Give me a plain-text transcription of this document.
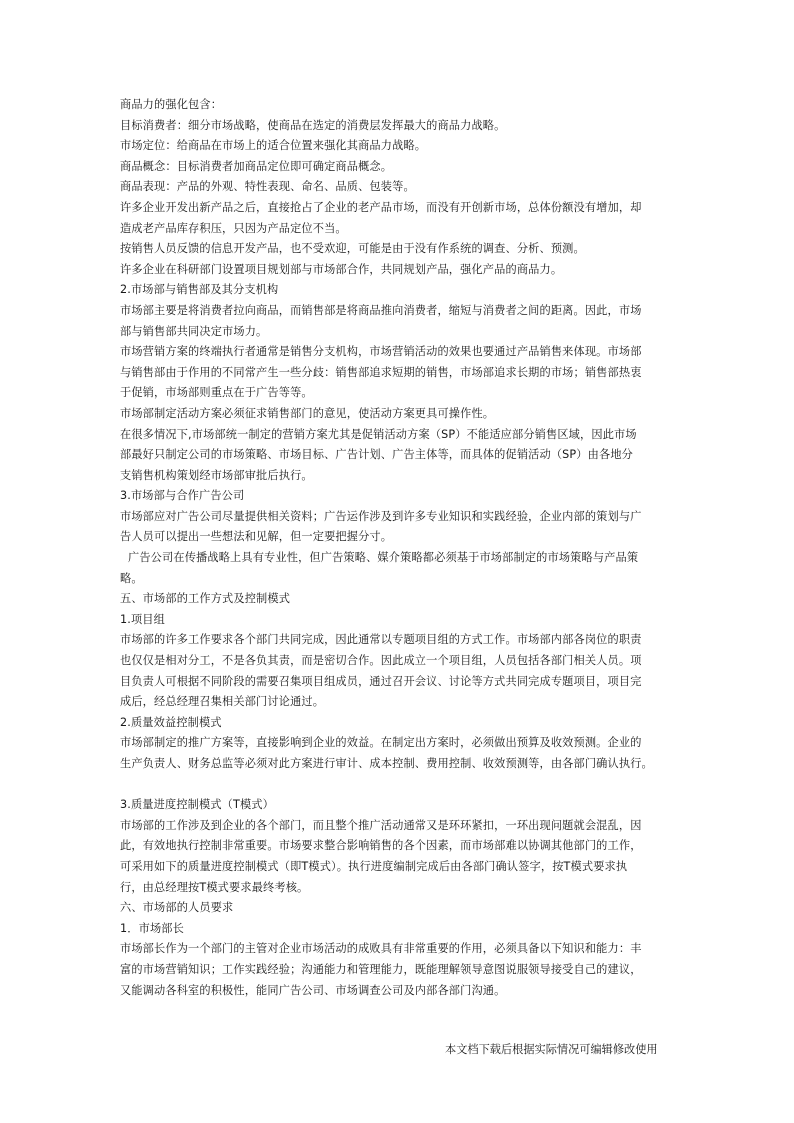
商品力的强化包含：
目标消费者：细分市场战略，使商品在选定的消费层发挥最大的商品力战略。
市场定位：给商品在市场上的适合位置来强化其商品力战略。
商品概念：目标消费者加商品定位即可确定商品概念。
商品表现：产品的外观、特性表现、命名、品质、包装等。
许多企业开发出新产品之后，直接抢占了企业的老产品市场，而没有开创新市场，总体份额没有增加，却
造成老产品库存积压，只因为产品定位不当。
按销售人员反馈的信息开发产品，也不受欢迎，可能是由于没有作系统的调查、分析、预测。
许多企业在科研部门设置项目规划部与市场部合作，共同规划产品，强化产品的商品力。
2.市场部与销售部及其分支机构
市场部主要是将消费者拉向商品，而销售部是将商品推向消费者，缩短与消费者之间的距离。因此，市场
部与销售部共同决定市场力。
市场营销方案的终端执行者通常是销售分支机构，市场营销活动的效果也要通过产品销售来体现。市场部
与销售部由于作用的不同常产生一些分歧：销售部追求短期的销售，市场部追求长期的市场；销售部热衷
于促销，市场部则重点在于广告等等。
市场部制定活动方案必须征求销售部门的意见，使活动方案更具可操作性。
在很多情况下,市场部统一制定的营销方案尤其是促销活动方案（SP）不能适应部分销售区域，因此市场
部最好只制定公司的市场策略、市场目标、广告计划、广告主体等，而具体的促销活动（SP）由各地分
支销售机构策划经市场部审批后执行。
3.市场部与合作广告公司
市场部应对广告公司尽量提供相关资料；广告运作涉及到许多专业知识和实践经验，企业内部的策划与广
告人员可以提出一些想法和见解，但一定要把握分寸。
广告公司在传播战略上具有专业性，但广告策略、媒介策略都必须基于市场部制定的市场策略与产品策
略。
五、市场部的工作方式及控制模式
1.项目组
市场部的许多工作要求各个部门共同完成，因此通常以专题项目组的方式工作。市场部内部各岗位的职责
也仅仅是相对分工，不是各负其责，而是密切合作。因此成立一个项目组，人员包括各部门相关人员。项
目负责人可根据不同阶段的需要召集项目组成员，通过召开会议、讨论等方式共同完成专题项目，项目完
成后，经总经理召集相关部门讨论通过。
2.质量效益控制模式
市场部制定的推广方案等，直接影响到企业的效益。在制定出方案时，必须做出预算及收效预测。企业的
生产负责人、财务总监等必须对此方案进行审计、成本控制、费用控制、收效预测等，由各部门确认执行。
3.质量进度控制模式（T模式）
市场部的工作涉及到企业的各个部门，而且整个推广活动通常又是环环紧扣，一环出现问题就会混乱，因
此，有效地执行控制非常重要。市场要求整合影响销售的各个因素，而市场部难以协调其他部门的工作，
可采用如下的质量进度控制模式（即T模式）。执行进度编制完成后由各部门确认签字，按T模式要求执
行，由总经理按T模式要求最终考核。
六、市场部的人员要求
1．市场部长
市场部长作为一个部门的主管对企业市场活动的成败具有非常重要的作用，必须具备以下知识和能力：丰
富的市场营销知识；工作实践经验；沟通能力和管理能力，既能理解领导意图说服领导接受自己的建议，
又能调动各科室的积极性，能同广告公司、市场调查公司及内部各部门沟通。
本文档下载后根据实际情况可编辑修改使用
